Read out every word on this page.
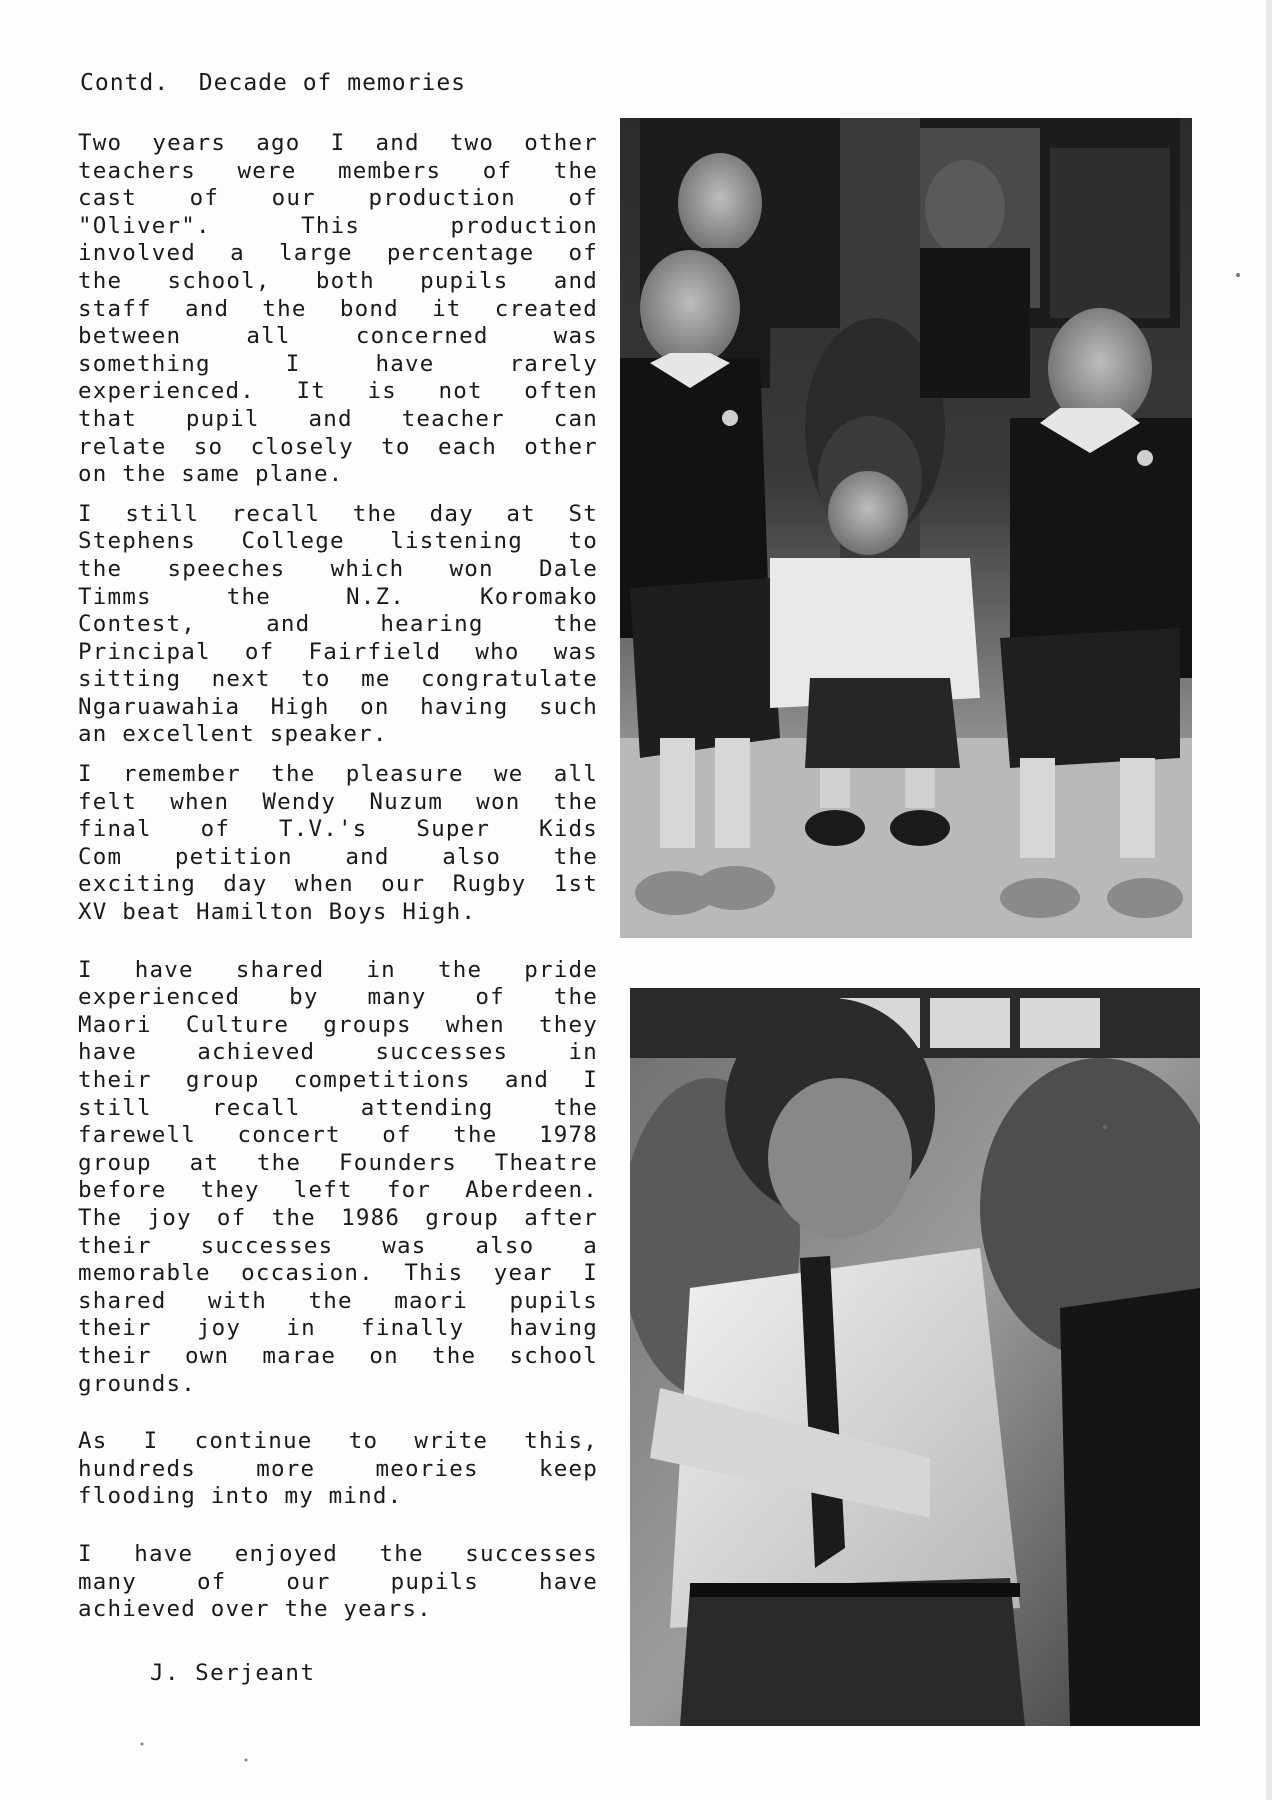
Contd.  Decade of memories
Two years ago I and two other
teachers were members of the
cast of our production of
"Oliver". This production
involved a large percentage of
the school, both pupils and
staff and the bond it created
between all concerned was
something I have rarely
experienced. It is not often
that pupil and teacher can
relate so closely to each other
on the same plane.
I still recall the day at St
Stephens College listening to
the speeches which won Dale
Timms the N.Z. Koromako
Contest, and hearing the
Principal of Fairfield who was
sitting next to me congratulate
Ngaruawahia High on having such
an excellent speaker.
I remember the pleasure we all
felt when Wendy Nuzum won the
final of T.V.'s Super Kids
Com petition and also the
exciting day when our Rugby 1st
XV beat Hamilton Boys High.
I have shared in the pride
experienced by many of the
Maori Culture groups when they
have achieved successes in
their group competitions and I
still recall attending the
farewell concert of the 1978
group at the Founders Theatre
before they left for Aberdeen.
The joy of the 1986 group after
their successes was also a
memorable occasion. This year I
shared with the maori pupils
their joy in finally having
their own marae on the school
grounds.
As I continue to write this,
hundreds more meories keep
flooding into my mind.
I have enjoyed the successes
many of our pupils have
achieved over the years.
J. Serjeant
